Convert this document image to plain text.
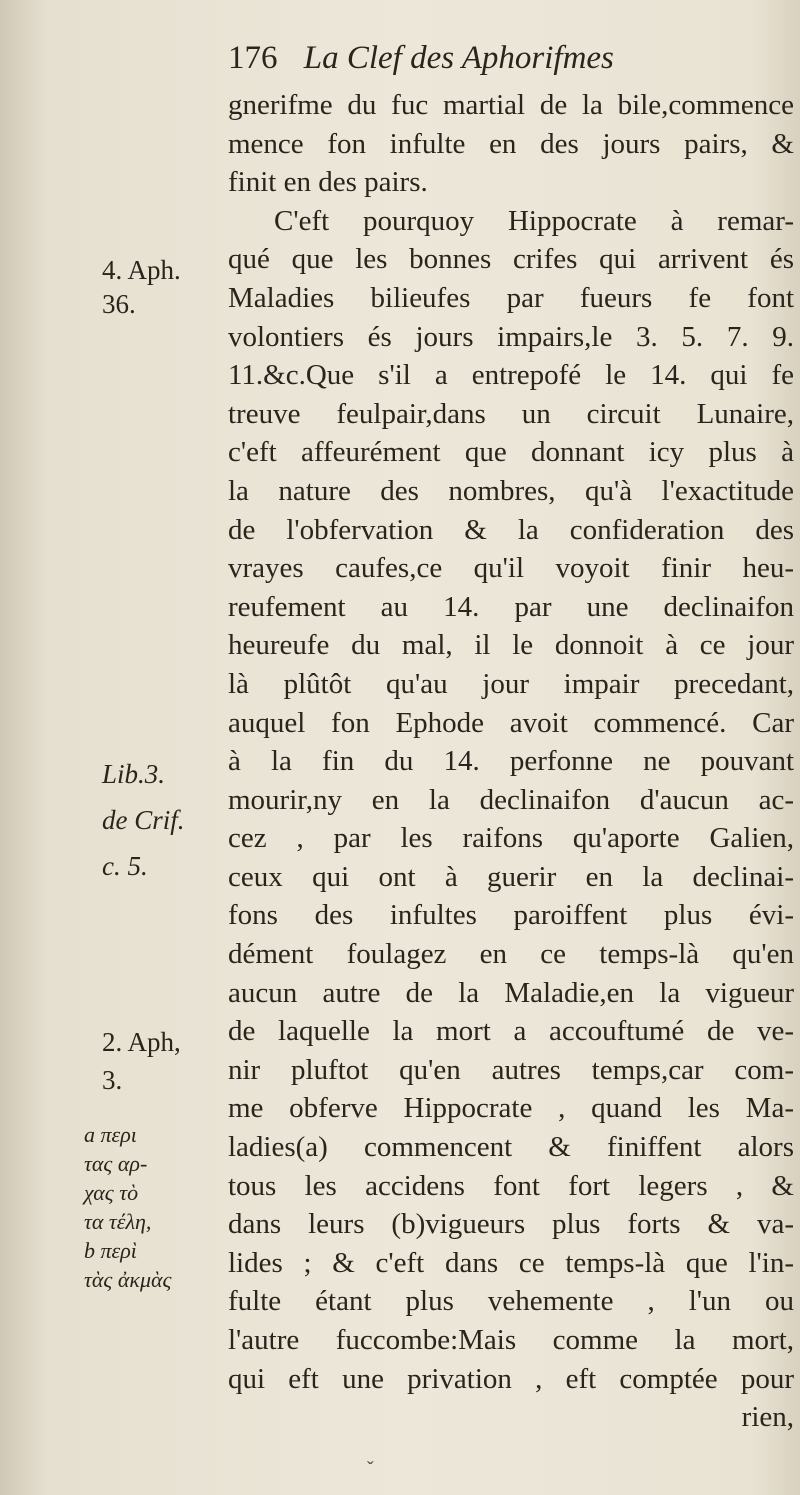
176 La Clef des Aphorifmes
gnerifme du fuc martial de la bile,commence
mence fon infulte en des jours pairs, &
finit en des pairs.
C'eft pourquoy Hippocrate à remar-
qué que les bonnes crifes qui arrivent és
Maladies bilieufes par fueurs fe font
volontiers és jours impairs,le 3. 5. 7. 9.
11.&c.Que s'il a entrepofé le 14. qui fe
treuve feulpair,dans un circuit Lunaire,
c'eft affeurément que donnant icy plus à
la nature des nombres, qu'à l'exactitude
de l'obfervation & la confideration des
vrayes caufes,ce qu'il voyoit finir heu-
reufement au 14. par une declinaifon
heureufe du mal, il le donnoit à ce jour
là plûtôt qu'au jour impair precedant,
auquel fon Ephode avoit commencé. Car
à la fin du 14. perfonne ne pouvant
mourir,ny en la declinaifon d'aucun ac-
cez , par les raifons qu'aporte Galien,
ceux qui ont à guerir en la declinai-
fons des infultes paroiffent plus évi-
dément foulagez en ce temps-là qu'en
aucun autre de la Maladie,en la vigueur
de laquelle la mort a accouftumé de ve-
nir pluftot qu'en autres temps,car com-
me obferve Hippocrate , quand les Ma-
ladies(a) commencent & finiffent alors
tous les accidens font fort legers , &
dans leurs (b)vigueurs plus forts & va-
lides ; & c'eft dans ce temps-là que l'in-
fulte étant plus vehemente , l'un ou
l'autre fuccombe:Mais comme la mort,
qui eft une privation , eft comptée pour
rien,
4. Aph.
36.
Lib.3.
de Crif.
c. 5.
2. Aph,
3.
a περι
τας αρ-
χας τὸ
τα τέλη,
b περὶ
τὰς ἀκμὰς
ˇ
